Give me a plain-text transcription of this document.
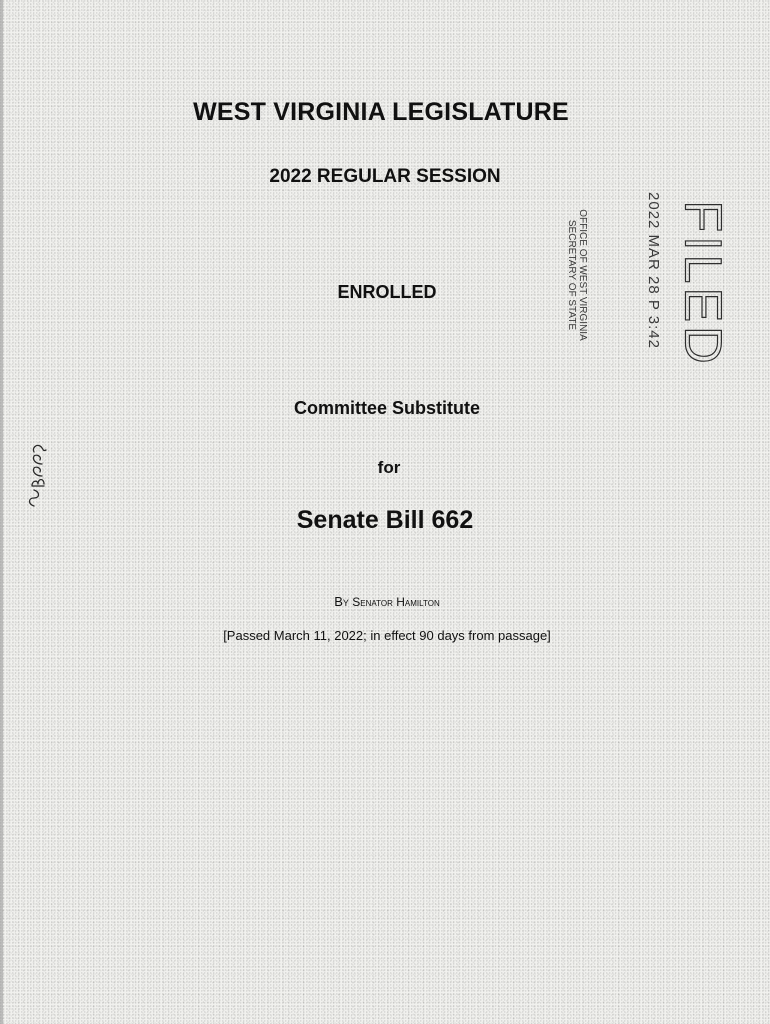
WEST VIRGINIA LEGISLATURE
2022 REGULAR SESSION
ENROLLED
Committee Substitute
for
Senate Bill 662
By Senator Hamilton
[Passed March 11, 2022; in effect 90 days from passage]
FILED
2022 MAR 28 P 3:42
OFFICE OF WEST VIRGINIA
SECRETARY OF STATE
